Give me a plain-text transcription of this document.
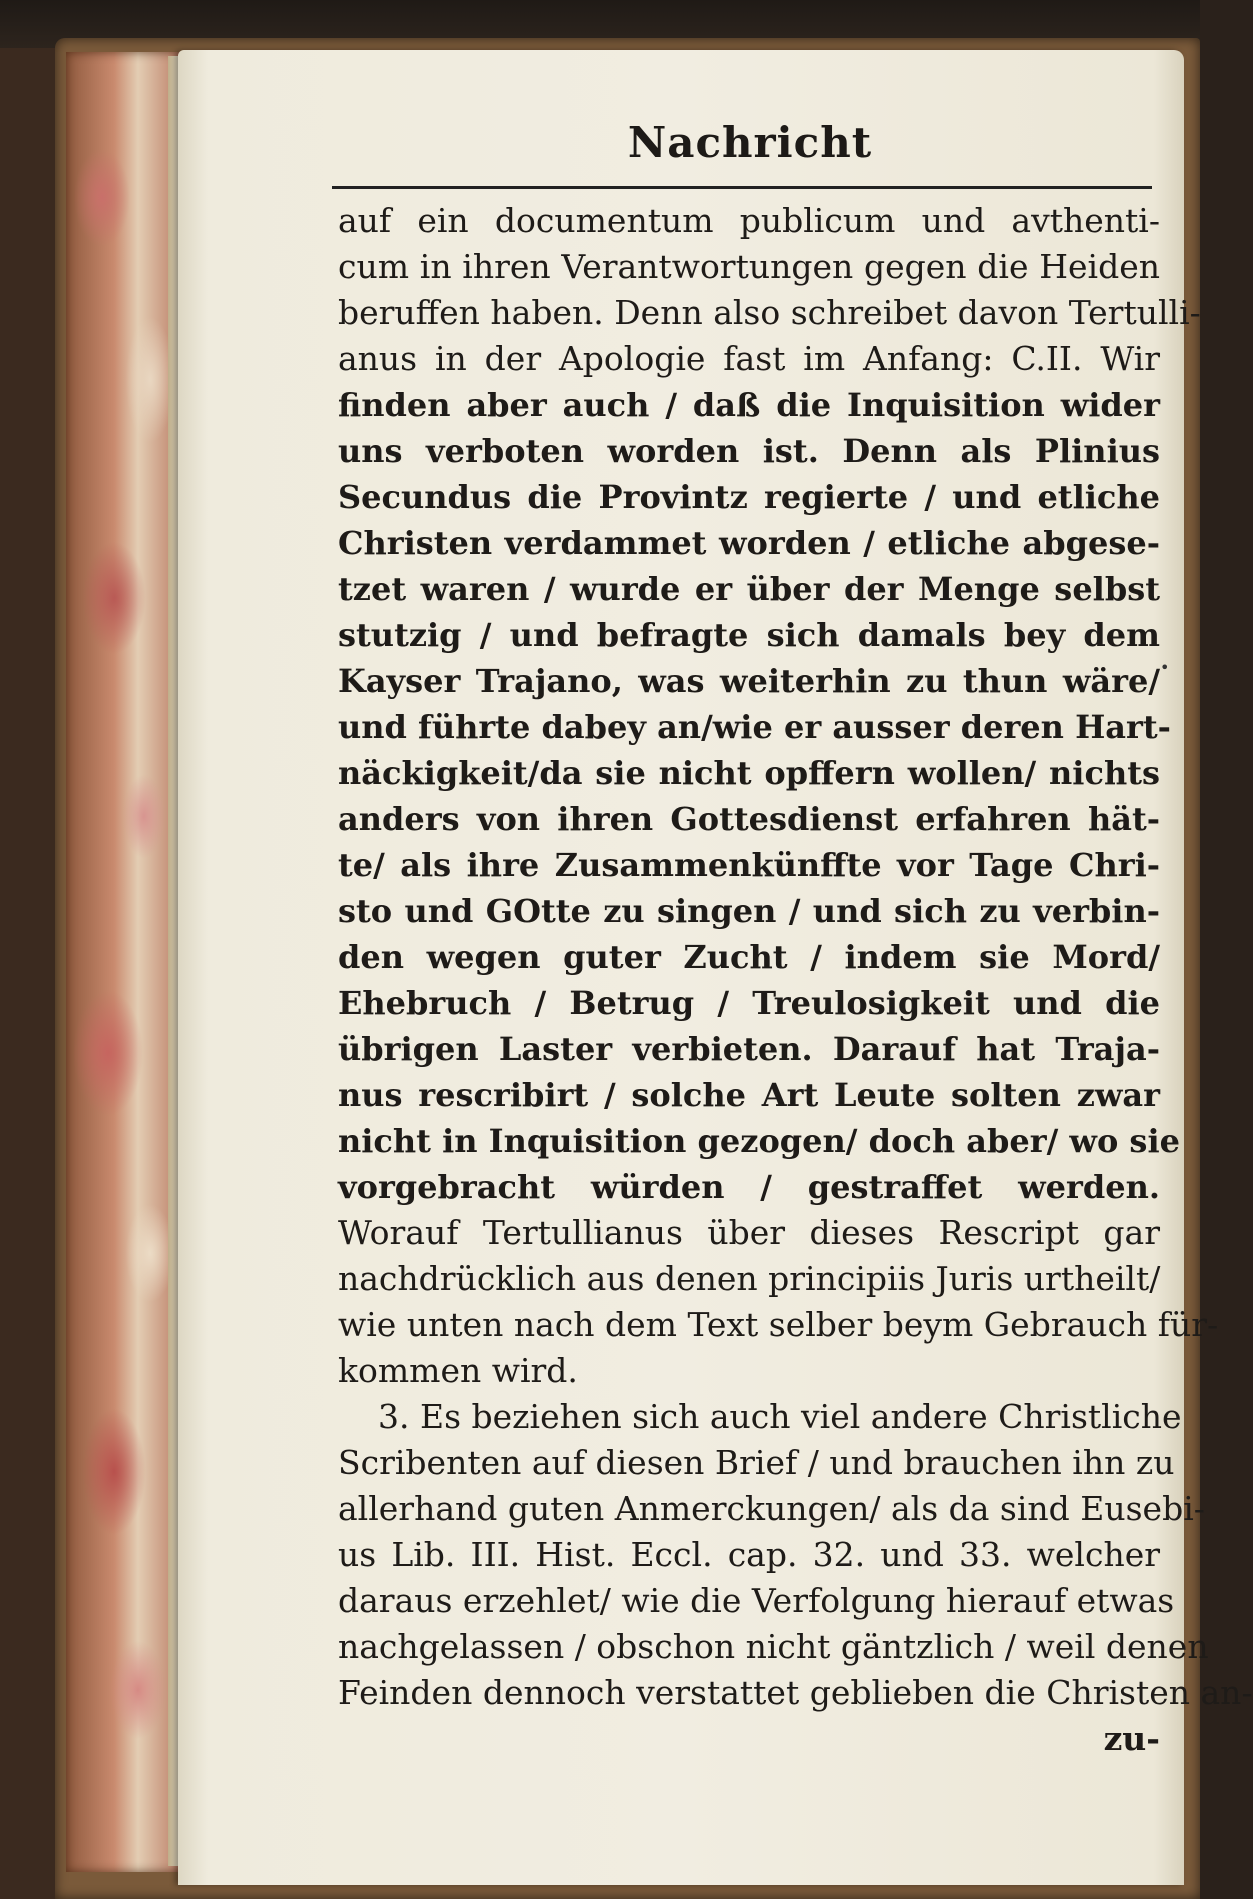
Nachricht
•
auf ein documentum publicum und avthenti-
cum in ihren Verantwortungen gegen die Heiden
beruffen haben. Denn also schreibet davon Tertulli-
anus in der Apologie fast im Anfang: C.II. Wir
finden aber auch / daß die Inquisition wider
uns verboten worden ist. Denn als Plinius
Secundus die Provintz regierte / und etliche
Christen verdammet worden / etliche abgese-
tzet waren / wurde er über der Menge selbst
stutzig / und befragte sich damals bey dem
Kayser Trajano, was weiterhin zu thun wäre/
und führte dabey an/wie er ausser deren Hart-
näckigkeit/da sie nicht opffern wollen/ nichts
anders von ihren Gottesdienst erfahren hät-
te/ als ihre Zusammenkünffte vor Tage Chri-
sto und GOtte zu singen / und sich zu verbin-
den wegen guter Zucht / indem sie Mord/
Ehebruch / Betrug / Treulosigkeit und die
übrigen Laster verbieten. Darauf hat Traja-
nus rescribirt / solche Art Leute solten zwar
nicht in Inquisition gezogen/ doch aber/ wo sie
vorgebracht würden / gestraffet werden.
Worauf Tertullianus über dieses Rescript gar
nachdrücklich aus denen principiis Juris urtheilt/
wie unten nach dem Text selber beym Gebrauch für-
kommen wird.
3. Es beziehen sich auch viel andere Christliche
Scribenten auf diesen Brief / und brauchen ihn zu
allerhand guten Anmerckungen/ als da sind Eusebi-
us Lib. III. Hist. Eccl. cap. 32. und 33. welcher
daraus erzehlet/ wie die Verfolgung hierauf etwas
nachgelassen / obschon nicht gäntzlich / weil denen
Feinden dennoch verstattet geblieben die Christen an-
zu-
